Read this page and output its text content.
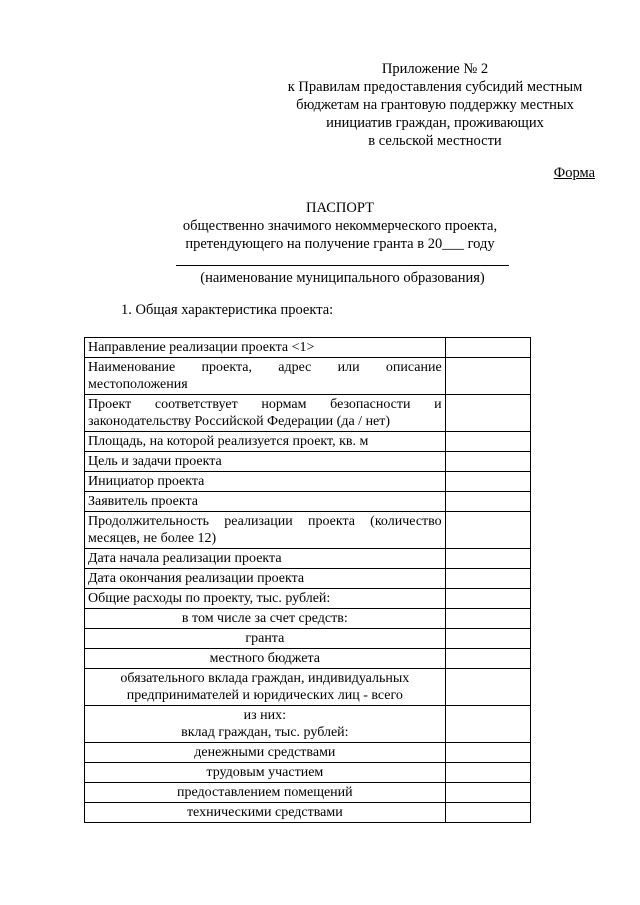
Приложение № 2
к Правилам предоставления субсидий местным
бюджетам на грантовую поддержку местных
инициатив граждан, проживающих
в сельской местности
Форма
ПАСПОРТ
общественно значимого некоммерческого проекта,
претендующего на получение гранта в 20___ году
(наименование муниципального образования)
1. Общая характеристика проекта:
Направление реализации проекта <1>	
Наименование проекта, адрес или описание местоположения	
Проект соответствует нормам безопасности и законодательству Российской Федерации (да / нет)	
Площадь, на которой реализуется проект, кв. м	
Цель и задачи проекта	
Инициатор проекта	
Заявитель проекта	
Продолжительность реализации проекта (количество месяцев, не более 12)	
Дата начала реализации проекта	
Дата окончания реализации проекта	
Общие расходы по проекту, тыс. рублей:	
в том числе за счет средств:	
гранта	
местного бюджета	
обязательного вклада граждан, индивидуальных предпринимателей и юридических лиц - всего	
из них:
вклад граждан, тыс. рублей:	
денежными средствами	
трудовым участием	
предоставлением помещений	
техническими средствами	
